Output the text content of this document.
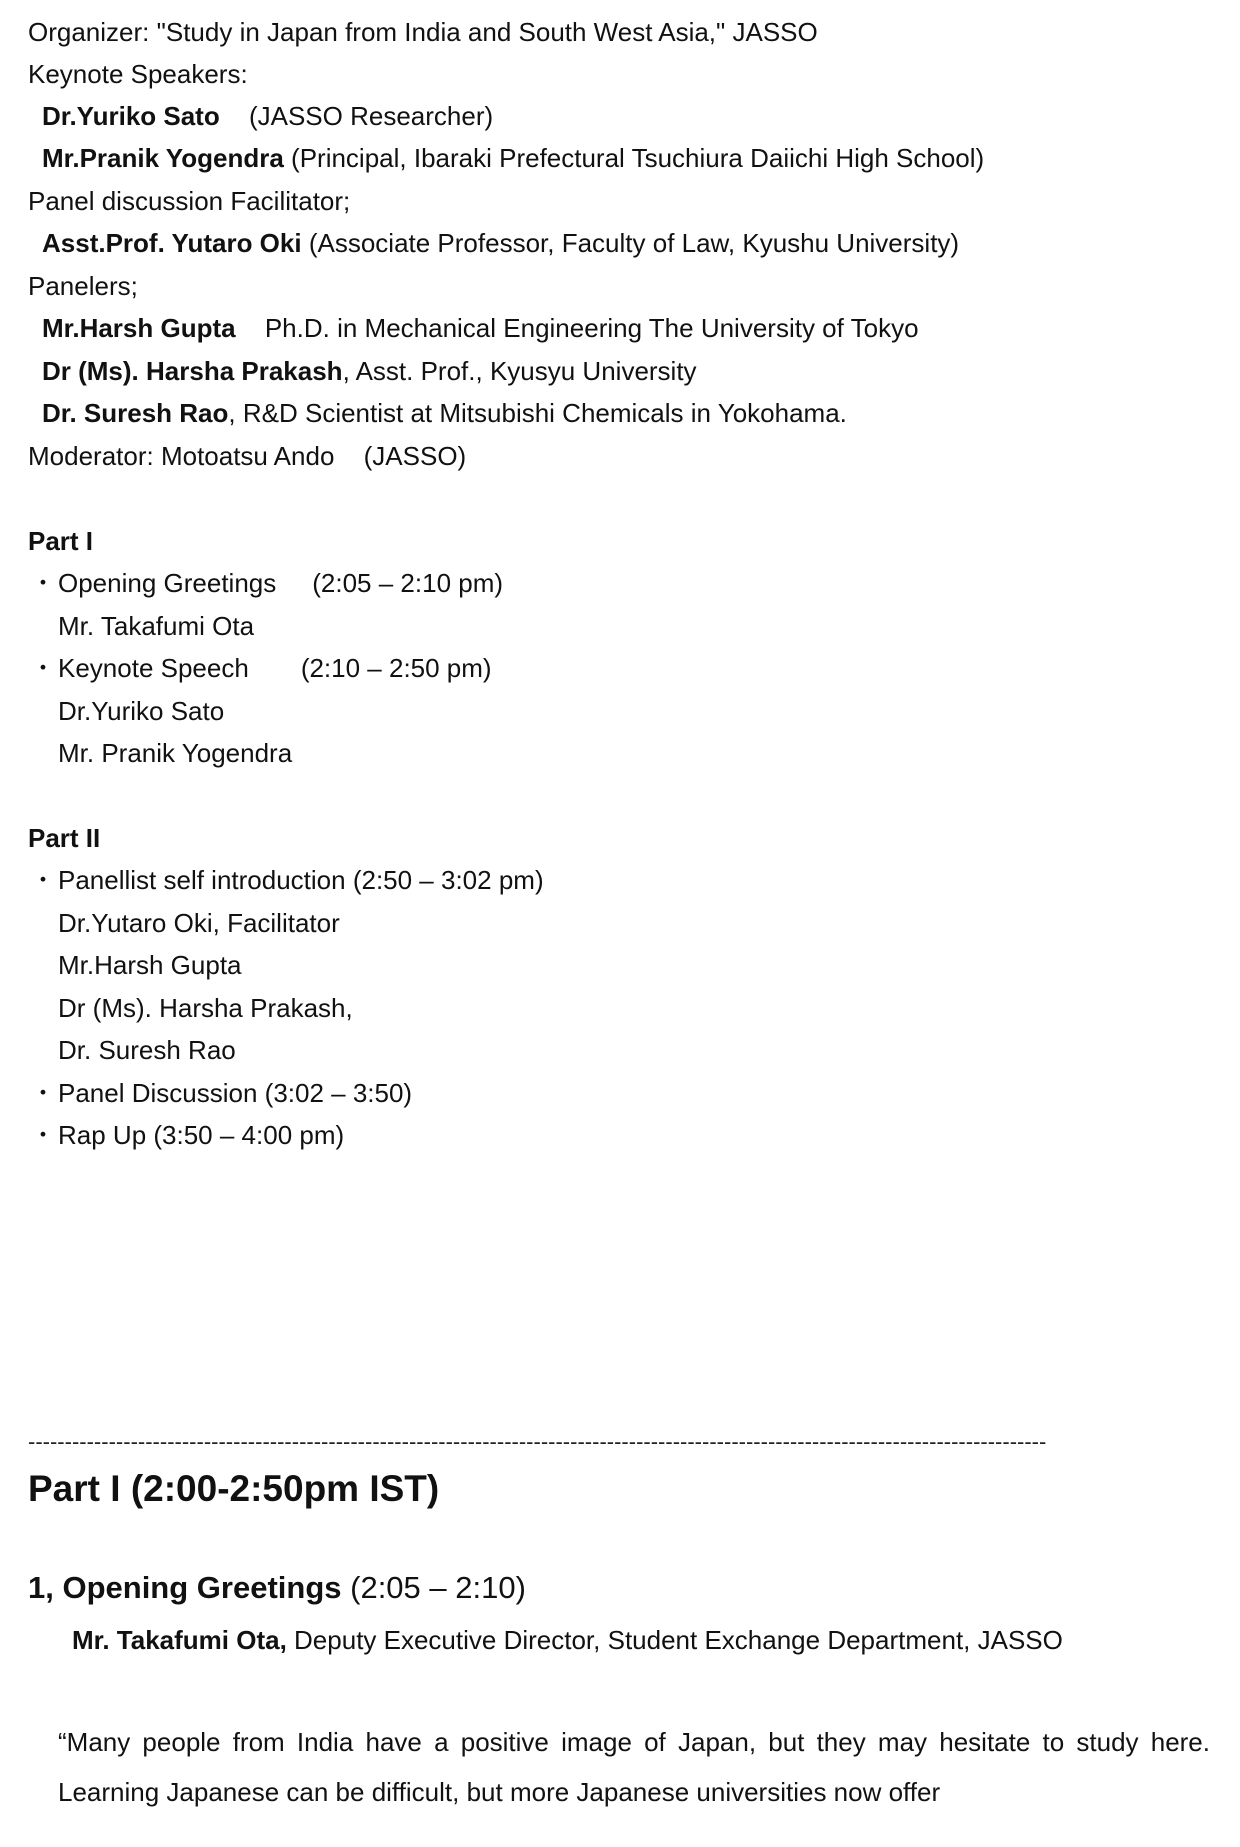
Organizer: "Study in Japan from India and South West Asia," JASSO
Keynote Speakers:
Dr.Yuriko Sato (JASSO Researcher)
Mr.Pranik Yogendra (Principal, Ibaraki Prefectural Tsuchiura Daiichi High School)
Panel discussion Facilitator;
Asst.Prof. Yutaro Oki (Associate Professor, Faculty of Law, Kyushu University)
Panelers;
Mr.Harsh Gupta Ph.D. in Mechanical Engineering The University of Tokyo
Dr (Ms). Harsha Prakash, Asst. Prof., Kyusyu University
Dr. Suresh Rao, R&D Scientist at Mitsubishi Chemicals in Yokohama.
Moderator: Motoatsu Ando (JASSO)
Part I
・Opening Greetings (2:05 – 2:10 pm)
Mr. Takafumi Ota
・Keynote Speech (2:10 – 2:50 pm)
Dr.Yuriko Sato
Mr. Pranik Yogendra
Part II
・Panellist self introduction (2:50 – 3:02 pm)
Dr.Yutaro Oki, Facilitator
Mr.Harsh Gupta
Dr (Ms). Harsha Prakash,
Dr. Suresh Rao
・Panel Discussion (3:02 – 3:50)
・Rap Up (3:50 – 4:00 pm)
-------------------------------------------------------------------------------------------------------------------------------------------
Part I (2:00-2:50pm IST)
1, Opening Greetings (2:05 – 2:10)
Mr. Takafumi Ota, Deputy Executive Director, Student Exchange Department, JASSO
“Many people from India have a positive image of Japan, but they may hesitate to study here. Learning Japanese can be difficult, but more Japanese universities now offer
